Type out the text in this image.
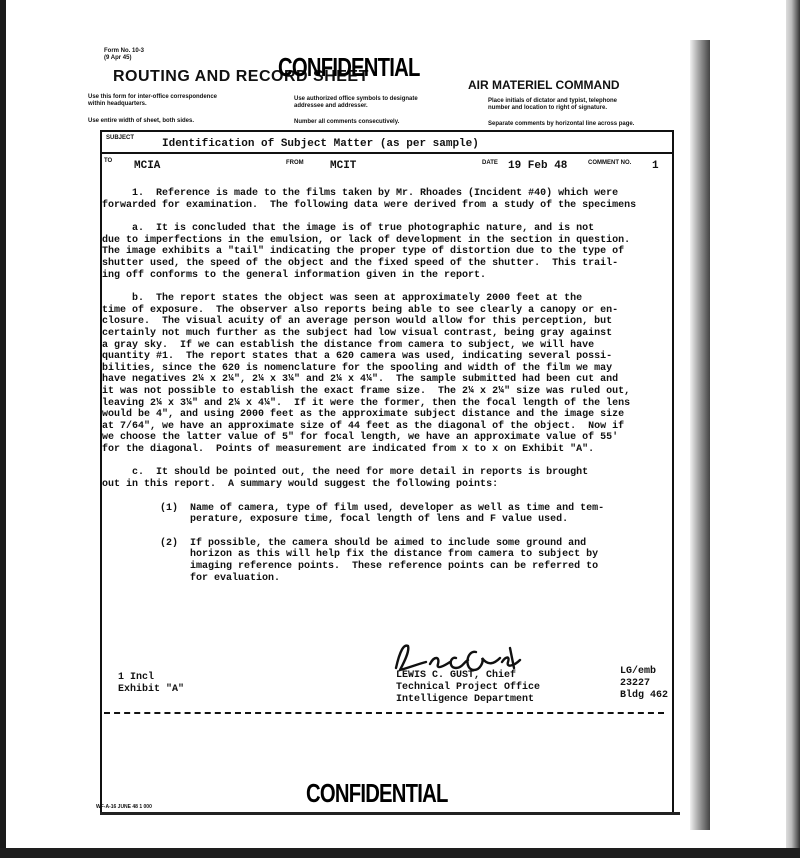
Form No. 10-3
(9 Apr 45)
ROUTING AND RECORD SHEET
CONFIDENTIAL
AIR MATERIEL COMMAND
Use this form for inter-office correspondence
within headquarters.
Use entire width of sheet, both sides.
Use authorized office symbols to designate
addressee and addresser.
Number all comments consecutively.
Place initials of dictator and typist, telephone
number and location to right of signature.
Separate comments by horizontal line across page.
SUBJECT	Identification of Subject Matter (as per sample)
TO MCIA	FROM MCIT	DATE 19 Feb 48	COMMENT NO. 1

1.  Reference is made to the films taken by Mr. Rhoades (Incident #40) which were

forwarded for examination.  The following data were derived from a study of the specimens

a.  It is concluded that the image is of true photographic nature, and is not

due to imperfections in the emulsion, or lack of development in the section in question.

The image exhibits a "tail" indicating the proper type of distortion due to the type of

shutter used, the speed of the object and the fixed speed of the shutter.  This trail-

ing off conforms to the general information given in the report.

b.  The report states the object was seen at approximately 2000 feet at the

time of exposure.  The observer also reports being able to see clearly a canopy or en-

closure.  The visual acuity of an average person would allow for this perception, but

certainly not much further as the subject had low visual contrast, being gray against

a gray sky.  If we can establish the distance from camera to subject, we will have

quantity #1.  The report states that a 620 camera was used, indicating several possi-

bilities, since the 620 is nomenclature for the spooling and width of the film we may

have negatives 2¼ x 2¼", 2¼ x 3¼" and 2¼ x 4¼".  The sample submitted had been cut and

it was not possible to establish the exact frame size.  The 2¼ x 2¼" size was ruled out,

leaving 2¼ x 3¼" and 2¼ x 4¼".  If it were the former, then the focal length of the lens

would be 4", and using 2000 feet as the approximate subject distance and the image size

at 7/64", we have an approximate size of 44 feet as the diagonal of the object.  Now if

we choose the latter value of 5" for focal length, we have an approximate value of 55'

for the diagonal.  Points of measurement are indicated from x to x on Exhibit "A".

c.  It should be pointed out, the need for more detail in reports is brought

out in this report.  A summary would suggest the following points:

(1)  Name of camera, type of film used, developer as well as time and tem-

perature, exposure time, focal length of lens and F value used.

(2)  If possible, the camera should be aimed to include some ground and

horizon as this will help fix the distance from camera to subject by

imaging reference points.  These reference points can be referred to

for evaluation.

LEWIS C. GUST, Chief
Technical Project Office
Intelligence Department
LG/emb
23227
Bldg 462
1 Incl
Exhibit "A"
CONFIDENTIAL
WF-A-16 JUNE 48 1 000
